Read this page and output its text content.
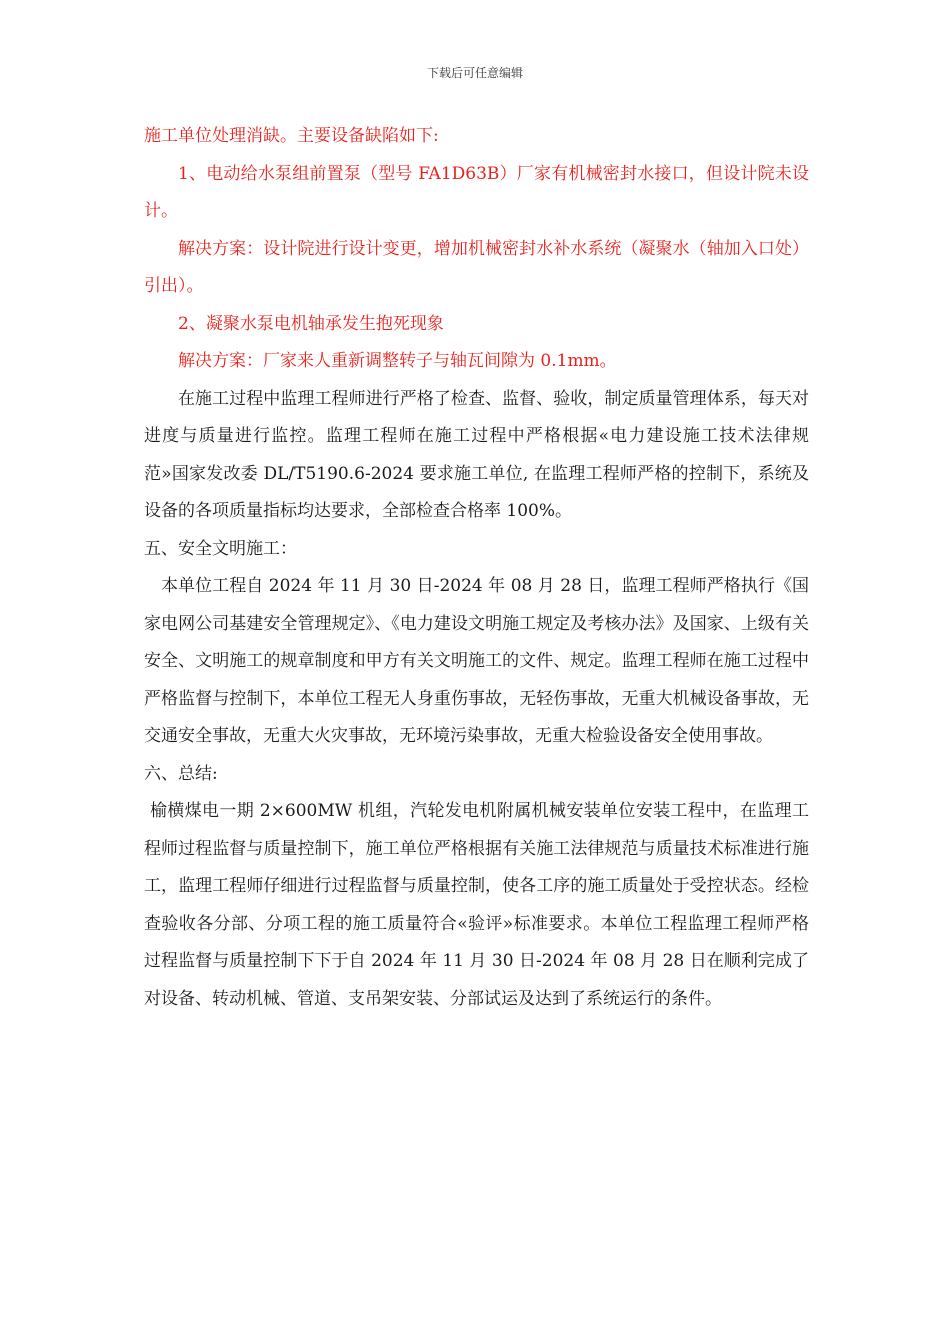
下载后可任意编辑

施工单位处理消缺。主要设备缺陷如下:

1、电动给水泵组前置泵（型号 FA1D63B）厂家有机械密封水接口，但设计院未设计。

解决方案：设计院进行设计变更，增加机械密封水补水系统（凝聚水（轴加入口处）引出）。

2、凝聚水泵电机轴承发生抱死现象

解决方案：厂家来人重新调整转子与轴瓦间隙为 0.1mm。

在施工过程中监理工程师进行严格了检查、监督、验收，制定质量管理体系，每天对进度与质量进行监控。监理工程师在施工过程中严格根据«电力建设施工技术法律规范»国家发改委 DL/T5190.6-2024 要求施工单位, 在监理工程师严格的控制下，系统及设备的各项质量指标均达要求，全部检查合格率 100%。

五、安全文明施工：

本单位工程自 2024 年 11 月 30 日-2024 年 08 月 28 日，监理工程师严格执行《国家电网公司基建安全管理规定》、《电力建设文明施工规定及考核办法》及国家、上级有关安全、文明施工的规章制度和甲方有关文明施工的文件、规定。监理工程师在施工过程中严格监督与控制下，本单位工程无人身重伤事故，无轻伤事故，无重大机械设备事故，无交通安全事故，无重大火灾事故，无环境污染事故，无重大检验设备安全使用事故。

六、总结:

榆横煤电一期 2×600MW 机组，汽轮发电机附属机械安装单位安装工程中，在监理工程师过程监督与质量控制下，施工单位严格根据有关施工法律规范与质量技术标准进行施工，监理工程师仔细进行过程监督与质量控制，使各工序的施工质量处于受控状态。经检查验收各分部、分项工程的施工质量符合«验评»标准要求。本单位工程监理工程师严格过程监督与质量控制下下于自 2024 年 11 月 30 日-2024 年 08 月 28 日在顺利完成了对设备、转动机械、管道、支吊架安装、分部试运及达到了系统运行的条件。
